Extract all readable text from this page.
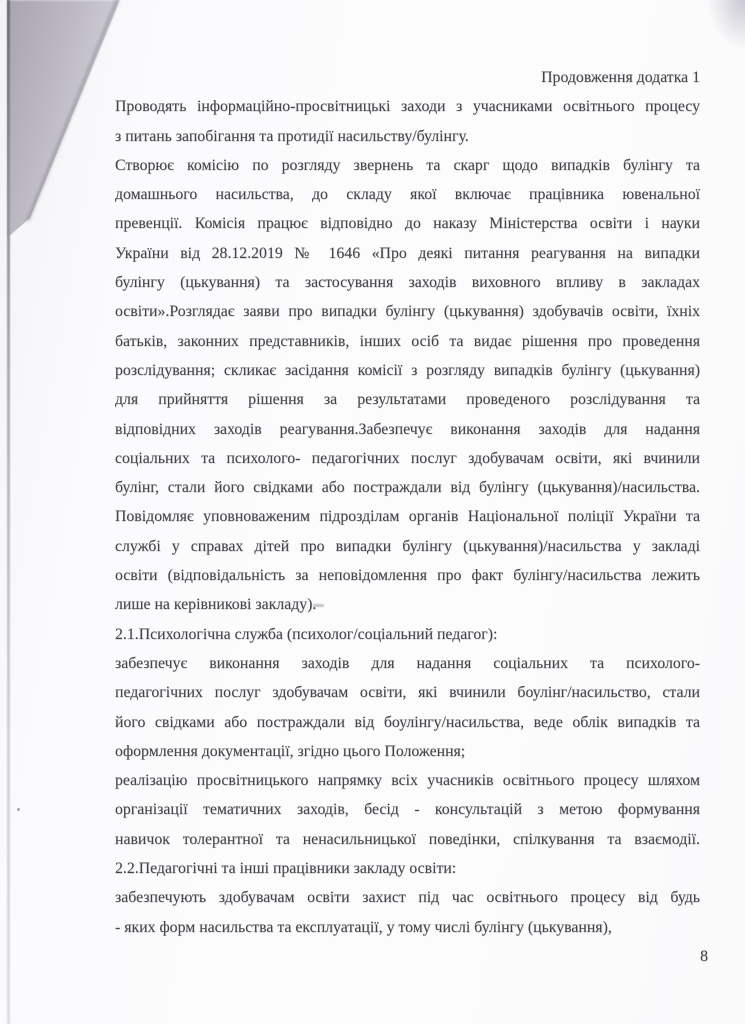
Продовження додатка 1
Проводять інформаційно-просвітницькі заходи з учасниками освітнього процесу
з питань запобігання та протидії насильству/булінгу.
Створює комісію по розгляду звернень та скарг щодо випадків булінгу та
домашнього насильства, до складу якої включає працівника ювенальної
превенції. Комісія працює відповідно до наказу Міністерства освіти і науки
України від 28.12.2019 № 1646 «Про деякі питання реагування на випадки
булінгу (цькування) та застосування заходів виховного впливу в закладах
освіти».Розглядає заяви про випадки булінгу (цькування) здобувачів освіти, їхніх
батьків, законних представників, інших осіб та видає рішення про проведення
розслідування; скликає засідання комісії з розгляду випадків булінгу (цькування)
для прийняття рішення за результатами проведеного розслідування та
відповідних заходів реагування.Забезпечує виконання заходів для надання
соціальних та психолого- педагогічних послуг здобувачам освіти, які вчинили
булінг, стали його свідками або постраждали від булінгу (цькування)/насильства.
Повідомляє уповноваженим підрозділам органів Національної поліції України та
службі у справах дітей про випадки булінгу (цькування)/насильства у закладі
освіти (відповідальність за неповідомлення про факт булінгу/насильства лежить
лише на керівникові закладу).
2.1.Психологічна служба (психолог/соціальний педагог):
забезпечує виконання заходів для надання соціальних та психолого-
педагогічних послуг здобувачам освіти, які вчинили боулінг/насильство, стали
його свідками або постраждали від боулінгу/насильства, веде облік випадків та
оформлення документації, згідно цього Положення;
реалізацію просвітницького напрямку всіх учасників освітнього процесу шляхом
організації тематичних заходів, бесід - консультацій з метою формування
навичок толерантної та ненасильницької поведінки, спілкування та взаємодії.
2.2.Педагогічні та інші працівники закладу освіти:
забезпечують здобувачам освіти захист під час освітнього процесу від будь
- яких форм насильства та експлуатації, у тому числі булінгу (цькування),
8
